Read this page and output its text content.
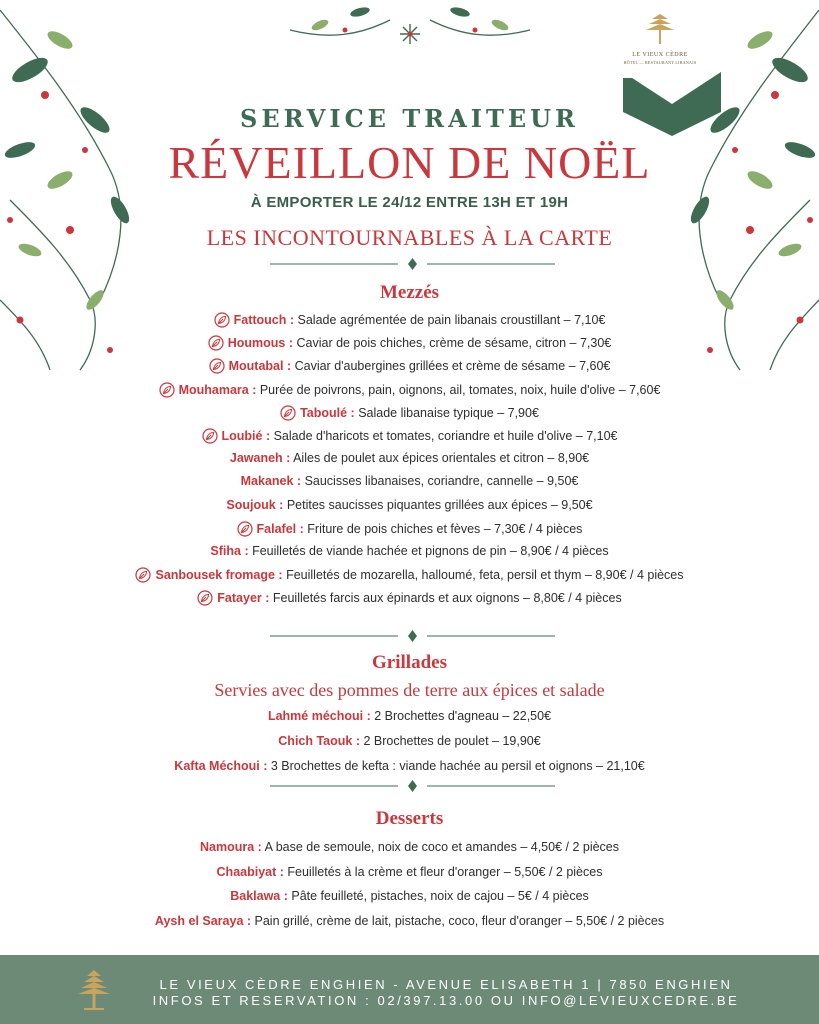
LE VIEUX CÈDRE
HÔTEL — RESTAURANT LIBANAIS
SERVICE TRAITEUR
RÉVEILLON DE NOËL
À EMPORTER LE 24/12 ENTRE 13H ET 19H
LES INCONTOURNABLES À LA CARTE
Mezzés
Fattouch : Salade agrémentée de pain libanais croustillant – 7,10€
Houmous : Caviar de pois chiches, crème de sésame, citron – 7,30€
Moutabal : Caviar d'aubergines grillées et crème de sésame – 7,60€
Mouhamara : Purée de poivrons, pain, oignons, ail, tomates, noix, huile d'olive – 7,60€
Taboulé : Salade libanaise typique – 7,90€
Loubié : Salade d'haricots et tomates, coriandre et huile d'olive – 7,10€
Jawaneh : Ailes de poulet aux épices orientales et citron – 8,90€
Makanek : Saucisses libanaises, coriandre, cannelle – 9,50€
Soujouk : Petites saucisses piquantes grillées aux épices – 9,50€
Falafel : Friture de pois chiches et fèves – 7,30€ / 4 pièces
Sfiha : Feuilletés de viande hachée et pignons de pin – 8,90€ / 4 pièces
Sanbousek fromage : Feuilletés de mozarella, halloumé, feta, persil et thym – 8,90€ / 4 pièces
Fatayer : Feuilletés farcis aux épinards et aux oignons – 8,80€ / 4 pièces
Grillades
Servies avec des pommes de terre aux épices et salade
Lahmé méchoui : 2 Brochettes d'agneau – 22,50€
Chich Taouk : 2 Brochettes de poulet – 19,90€
Kafta Méchoui : 3 Brochettes de kefta : viande hachée au persil et oignons – 21,10€
Desserts
Namoura : A base de semoule, noix de coco et amandes – 4,50€ / 2 pièces
Chaabiyat : Feuilletés à la crème et fleur d'oranger – 5,50€ / 2 pièces
Baklawa : Pâte feuilleté, pistaches, noix de cajou – 5€ / 4 pièces
Aysh el Saraya : Pain grillé, crème de lait, pistache, coco, fleur d'oranger – 5,50€ / 2 pièces
LE VIEUX CÈDRE ENGHIEN - AVENUE ELISABETH 1 | 7850 ENGHIEN
INFOS ET RESERVATION : 02/397.13.00 OU INFO@LEVIEUXCEDRE.BE
